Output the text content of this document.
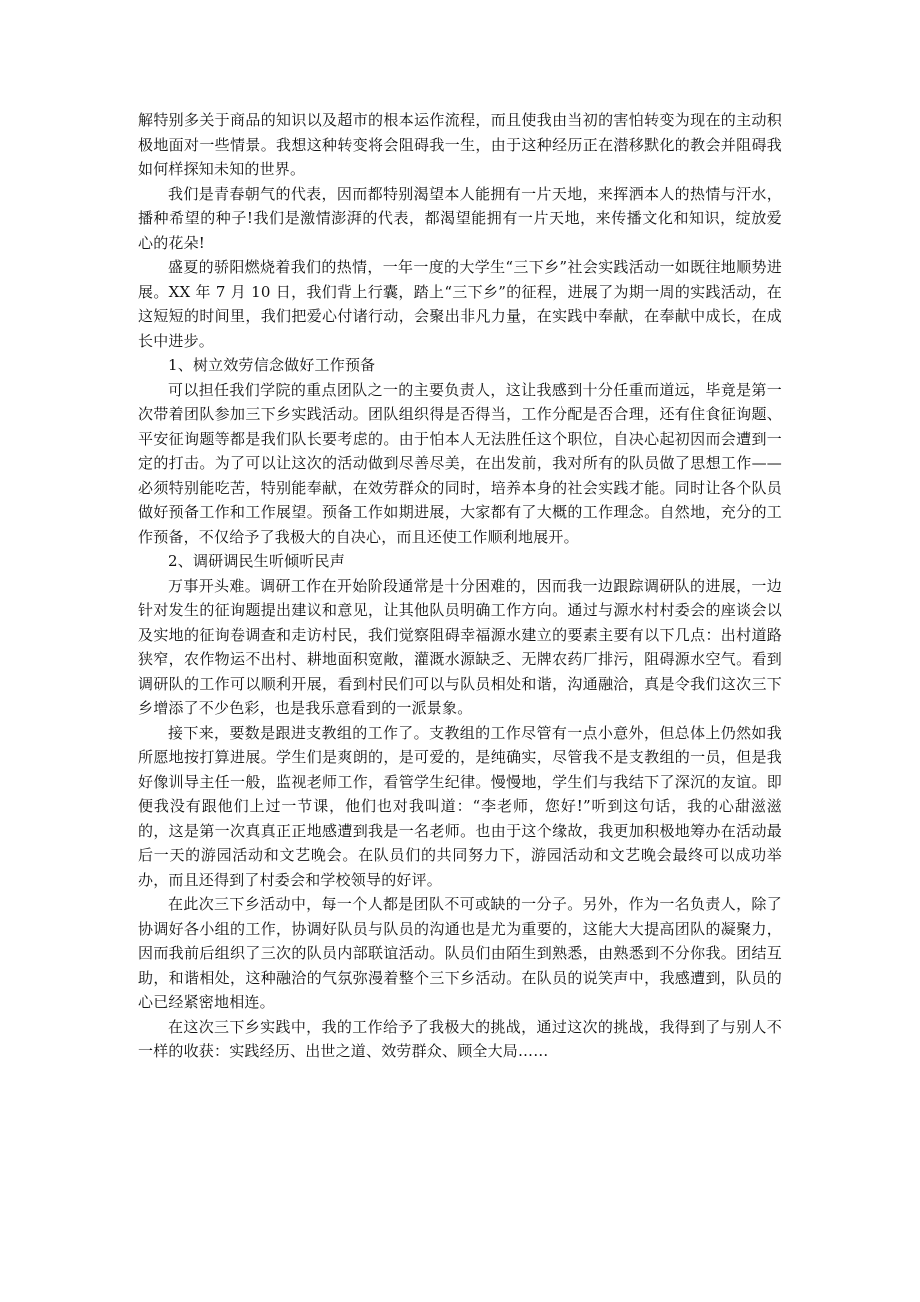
解特别多关于商品的知识以及超市的根本运作流程，而且使我由当初的害怕转变为现在的主动积极地面对一些情景。我想这种转变将会阻碍我一生，由于这种经历正在潜移默化的教会并阻碍我如何样探知未知的世界。

我们是青春朝气的代表，因而都特别渴望本人能拥有一片天地，来挥洒本人的热情与汗水，播种希望的种子!我们是激情澎湃的代表，都渴望能拥有一片天地，来传播文化和知识，绽放爱心的花朵!

盛夏的骄阳燃烧着我们的热情，一年一度的大学生“三下乡”社会实践活动一如既往地顺势进展。XX 年 7 月 10 日，我们背上行囊，踏上“三下乡”的征程，进展了为期一周的实践活动，在这短短的时间里，我们把爱心付诸行动，会聚出非凡力量，在实践中奉献，在奉献中成长，在成长中进步。

1、树立效劳信念做好工作预备

可以担任我们学院的重点团队之一的主要负责人，这让我感到十分任重而道远，毕竟是第一次带着团队参加三下乡实践活动。团队组织得是否得当，工作分配是否合理，还有住食征询题、平安征询题等都是我们队长要考虑的。由于怕本人无法胜任这个职位，自决心起初因而会遭到一定的打击。为了可以让这次的活动做到尽善尽美，在出发前，我对所有的队员做了思想工作——必须特别能吃苦，特别能奉献，在效劳群众的同时，培养本身的社会实践才能。同时让各个队员做好预备工作和工作展望。预备工作如期进展，大家都有了大概的工作理念。自然地，充分的工作预备，不仅给予了我极大的自决心，而且还使工作顺利地展开。

2、调研调民生听倾听民声

万事开头难。调研工作在开始阶段通常是十分困难的，因而我一边跟踪调研队的进展，一边针对发生的征询题提出建议和意见，让其他队员明确工作方向。通过与源水村村委会的座谈会以及实地的征询卷调查和走访村民，我们觉察阻碍幸福源水建立的要素主要有以下几点：出村道路狭窄，农作物运不出村、耕地面积宽敞，灌溉水源缺乏、无牌农药厂排污，阻碍源水空气。看到调研队的工作可以顺利开展，看到村民们可以与队员相处和谐，沟通融洽，真是令我们这次三下乡增添了不少色彩，也是我乐意看到的一派景象。

接下来，要数是跟进支教组的工作了。支教组的工作尽管有一点小意外，但总体上仍然如我所愿地按打算进展。学生们是爽朗的，是可爱的，是纯确实，尽管我不是支教组的一员，但是我好像训导主任一般，监视老师工作，看管学生纪律。慢慢地，学生们与我结下了深沉的友谊。即便我没有跟他们上过一节课，他们也对我叫道：“李老师，您好!”听到这句话，我的心甜滋滋的，这是第一次真真正正地感遭到我是一名老师。也由于这个缘故，我更加积极地筹办在活动最后一天的游园活动和文艺晚会。在队员们的共同努力下，游园活动和文艺晚会最终可以成功举办，而且还得到了村委会和学校领导的好评。

在此次三下乡活动中，每一个人都是团队不可或缺的一分子。另外，作为一名负责人，除了协调好各小组的工作，协调好队员与队员的沟通也是尤为重要的，这能大大提高团队的凝聚力，因而我前后组织了三次的队员内部联谊活动。队员们由陌生到熟悉，由熟悉到不分你我。团结互助，和谐相处，这种融洽的气氛弥漫着整个三下乡活动。在队员的说笑声中，我感遭到，队员的心已经紧密地相连。

在这次三下乡实践中，我的工作给予了我极大的挑战，通过这次的挑战，我得到了与别人不一样的收获：实践经历、出世之道、效劳群众、顾全大局……
